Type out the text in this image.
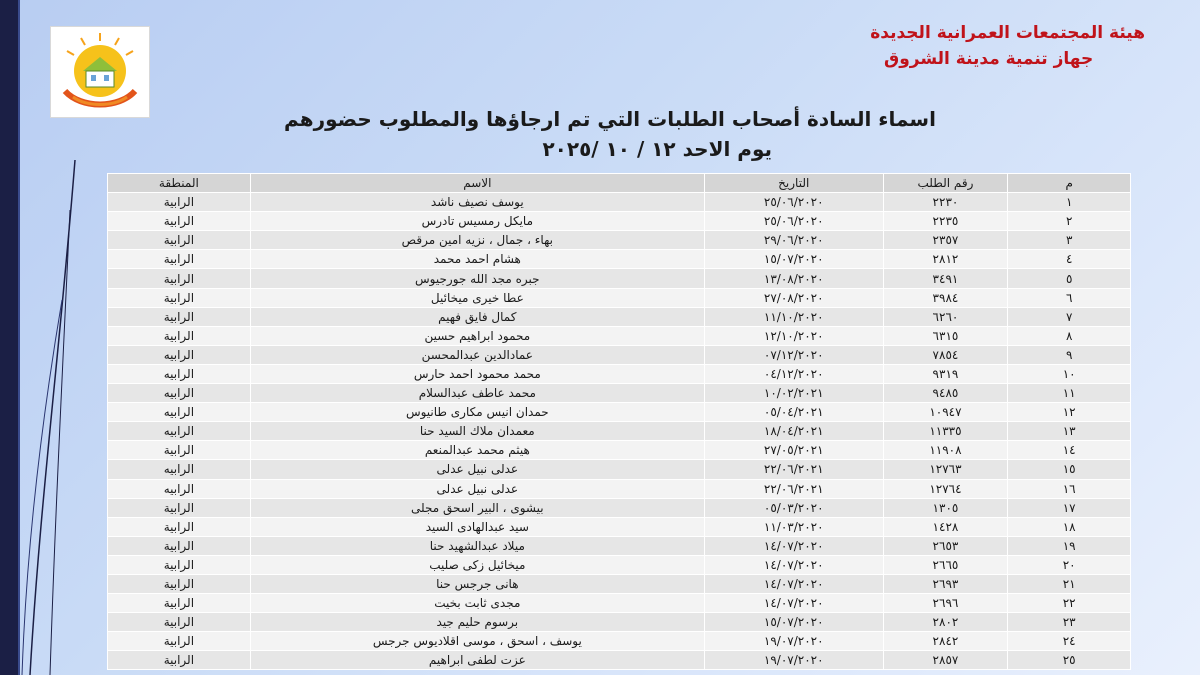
هيئة المجتمعات العمرانية الجديدة
جهاز تنمية مدينة الشروق
اسماء السادة أصحاب الطلبات التي تم ارجاؤها والمطلوب حضورهم
يوم الاحد ١٢ / ١٠ /٢٠٢٥
م	رقم الطلب	التاريخ	الاسم	المنطقة
١	٢٢٣٠	٢٥/٠٦/٢٠٢٠	يوسف نصيف ناشد	الرابية
٢	٢٢٣٥	٢٥/٠٦/٢٠٢٠	مايكل رمسيس تادرس	الرابية
٣	٢٣٥٧	٢٩/٠٦/٢٠٢٠	بهاء ، جمال ، نزيه امين مرقص	الرابية
٤	٢٨١٢	١٥/٠٧/٢٠٢٠	هشام احمد محمد	الرابية
٥	٣٤٩١	١٣/٠٨/٢٠٢٠	جبره مجد الله جورجيوس	الرابية
٦	٣٩٨٤	٢٧/٠٨/٢٠٢٠	عطا خيرى ميخائيل	الرابية
٧	٦٢٦٠	١١/١٠/٢٠٢٠	كمال فايق فهيم	الرابية
٨	٦٣١٥	١٢/١٠/٢٠٢٠	محمود ابراهيم حسين	الرابية
٩	٧٨٥٤	٠٧/١٢/٢٠٢٠	عمادالدين عبدالمحسن	الرابيه
١٠	٩٣١٩	٠٤/١٢/٢٠٢٠	محمد محمود احمد حارس	الرابيه
١١	٩٤٨٥	١٠/٠٢/٢٠٢١	محمد عاطف عبدالسلام	الرابيه
١٢	١٠٩٤٧	٠٥/٠٤/٢٠٢١	حمدان انيس مكارى طانيوس	الرابيه
١٣	١١٣٣٥	١٨/٠٤/٢٠٢١	معمدان ملاك السيد حنا	الرابيه
١٤	١١٩٠٨	٢٧/٠٥/٢٠٢١	هيثم محمد عبدالمنعم	الرابية
١٥	١٢٧٦٣	٢٢/٠٦/٢٠٢١	عدلى نبيل عدلى	الرابيه
١٦	١٢٧٦٤	٢٢/٠٦/٢٠٢١	عدلى نبيل عدلى	الرابيه
١٧	١٣٠٥	٠٥/٠٣/٢٠٢٠	بيشوى ، البير اسحق مجلى	الرابية
١٨	١٤٢٨	١١/٠٣/٢٠٢٠	سيد عبدالهادى السيد	الرابية
١٩	٢٦٥٣	١٤/٠٧/٢٠٢٠	ميلاد عبدالشهيد حنا	الرابية
٢٠	٢٦٦٥	١٤/٠٧/٢٠٢٠	ميخائيل زكى صليب	الرابية
٢١	٢٦٩٣	١٤/٠٧/٢٠٢٠	هانى جرجس حنا	الرابية
٢٢	٢٦٩٦	١٤/٠٧/٢٠٢٠	مجدى ثابت بخيت	الرابية
٢٣	٢٨٠٢	١٥/٠٧/٢٠٢٠	برسوم حليم جيد	الرابية
٢٤	٢٨٤٢	١٩/٠٧/٢٠٢٠	يوسف ، اسحق ، موسى اقلاديوس جرجس	الرابية
٢٥	٢٨٥٧	١٩/٠٧/٢٠٢٠	عزت لطفى ابراهيم	الرابية
